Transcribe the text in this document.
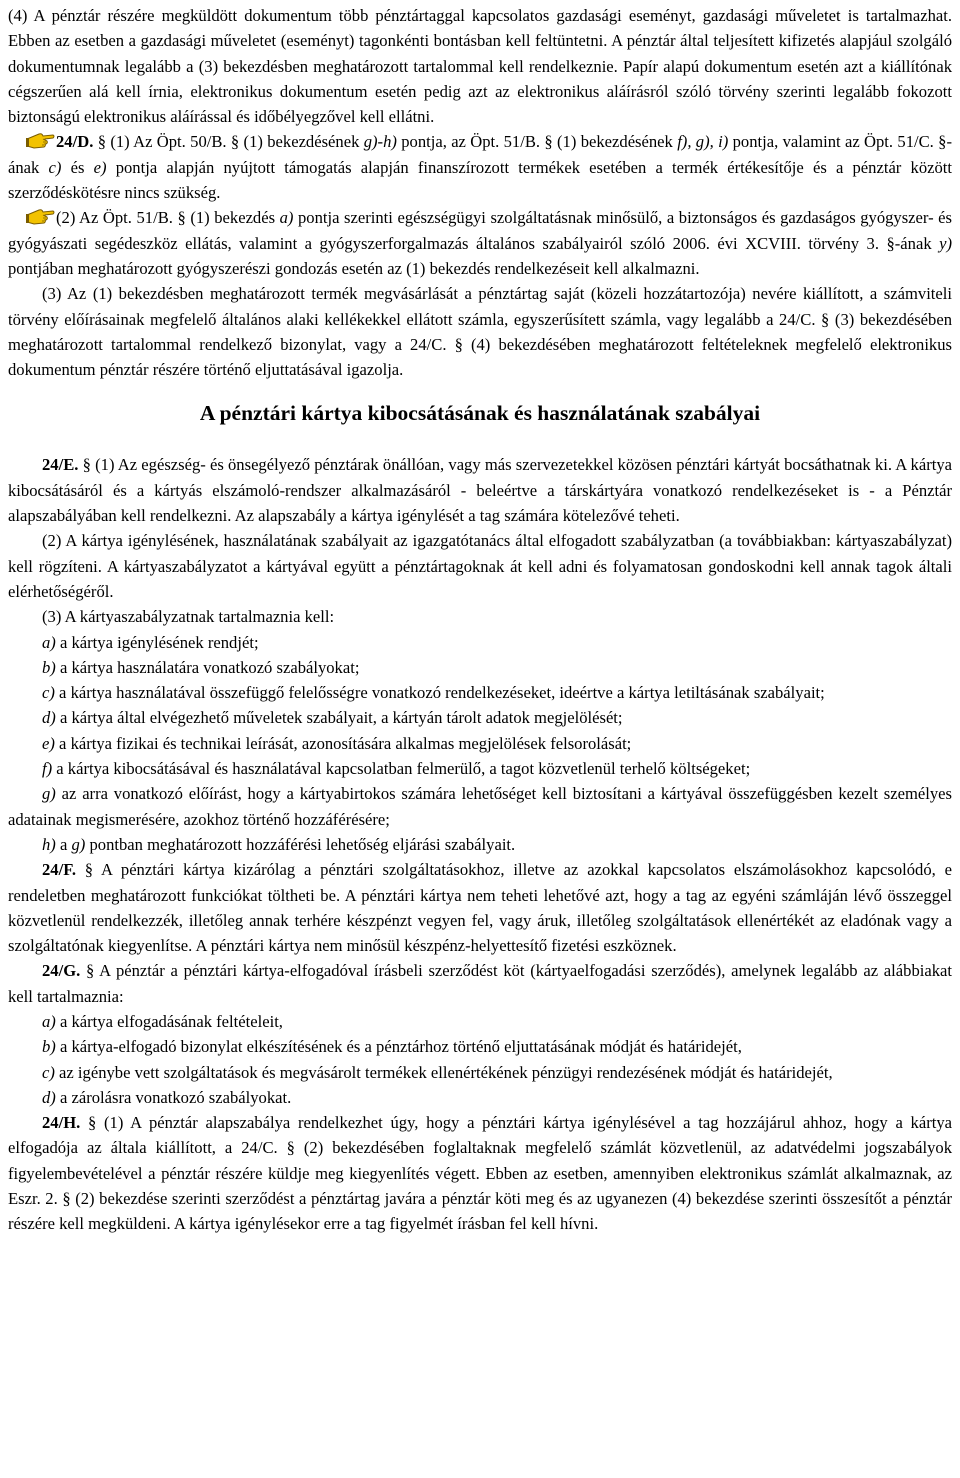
(4) A pénztár részére megküldött dokumentum több pénztártaggal kapcsolatos gazdasági eseményt, gazdasági műveletet is tartalmazhat. Ebben az esetben a gazdasági műveletet (eseményt) tagonkénti bontásban kell feltüntetni. A pénztár által teljesített kifizetés alapjául szolgáló dokumentumnak legalább a (3) bekezdésben meghatározott tartalommal kell rendelkeznie. Papír alapú dokumentum esetén azt a kiállítónak cégszerűen alá kell írnia, elektronikus dokumentum esetén pedig azt az elektronikus aláírásról szóló törvény szerinti legalább fokozott biztonságú elektronikus aláírással és időbélyegzővel kell ellátni.

24/D. § (1) Az Öpt. 50/B. § (1) bekezdésének g)-h) pontja, az Öpt. 51/B. § (1) bekezdésének f), g), i) pontja, valamint az Öpt. 51/C. §-ának c) és e) pontja alapján nyújtott támogatás alapján finanszírozott termékek esetében a termék értékesítője és a pénztár között szerződéskötésre nincs szükség.

(2) Az Öpt. 51/B. § (1) bekezdés a) pontja szerinti egészségügyi szolgáltatásnak minősülő, a biztonságos és gazdaságos gyógyszer- és gyógyászati segédeszköz ellátás, valamint a gyógyszerforgalmazás általános szabályairól szóló 2006. évi XCVIII. törvény 3. §-ának y) pontjában meghatározott gyógyszerészi gondozás esetén az (1) bekezdés rendelkezéseit kell alkalmazni.

(3) Az (1) bekezdésben meghatározott termék megvásárlását a pénztártag saját (közeli hozzátartozója) nevére kiállított, a számviteli törvény előírásainak megfelelő általános alaki kellékekkel ellátott számla, egyszerűsített számla, vagy legalább a 24/C. § (3) bekezdésében meghatározott tartalommal rendelkező bizonylat, vagy a 24/C. § (4) bekezdésében meghatározott feltételeknek megfelelő elektronikus dokumentum pénztár részére történő eljuttatásával igazolja.

A pénztári kártya kibocsátásának és használatának szabályai

24/E. § (1) Az egészség- és önsegélyező pénztárak önállóan, vagy más szervezetekkel közösen pénztári kártyát bocsáthatnak ki. A kártya kibocsátásáról és a kártyás elszámoló-rendszer alkalmazásáról - beleértve a társkártyára vonatkozó rendelkezéseket is - a Pénztár alapszabályában kell rendelkezni. Az alapszabály a kártya igénylését a tag számára kötelezővé teheti.

(2) A kártya igénylésének, használatának szabályait az igazgatótanács által elfogadott szabályzatban (a továbbiakban: kártyaszabályzat) kell rögzíteni. A kártyaszabályzatot a kártyával együtt a pénztártagoknak át kell adni és folyamatosan gondoskodni kell annak tagok általi elérhetőségéről.

(3) A kártyaszabályzatnak tartalmaznia kell:

a) a kártya igénylésének rendjét;

b) a kártya használatára vonatkozó szabályokat;

c) a kártya használatával összefüggő felelősségre vonatkozó rendelkezéseket, ideértve a kártya letiltásának szabályait;

d) a kártya által elvégezhető műveletek szabályait, a kártyán tárolt adatok megjelölését;

e) a kártya fizikai és technikai leírását, azonosítására alkalmas megjelölések felsorolását;

f) a kártya kibocsátásával és használatával kapcsolatban felmerülő, a tagot közvetlenül terhelő költségeket;

g) az arra vonatkozó előírást, hogy a kártyabirtokos számára lehetőséget kell biztosítani a kártyával összefüggésben kezelt személyes adatainak megismerésére, azokhoz történő hozzáférésére;

h) a g) pontban meghatározott hozzáférési lehetőség eljárási szabályait.

24/F. § A pénztári kártya kizárólag a pénztári szolgáltatásokhoz, illetve az azokkal kapcsolatos elszámolásokhoz kapcsolódó, e rendeletben meghatározott funkciókat töltheti be. A pénztári kártya nem teheti lehetővé azt, hogy a tag az egyéni számláján lévő összeggel közvetlenül rendelkezzék, illetőleg annak terhére készpénzt vegyen fel, vagy áruk, illetőleg szolgáltatások ellenértékét az eladónak vagy a szolgáltatónak kiegyenlítse. A pénztári kártya nem minősül készpénz-helyettesítő fizetési eszköznek.

24/G. § A pénztár a pénztári kártya-elfogadóval írásbeli szerződést köt (kártyaelfogadási szerződés), amelynek legalább az alábbiakat kell tartalmaznia:

a) a kártya elfogadásának feltételeit,

b) a kártya-elfogadó bizonylat elkészítésének és a pénztárhoz történő eljuttatásának módját és határidejét,

c) az igénybe vett szolgáltatások és megvásárolt termékek ellenértékének pénzügyi rendezésének módját és határidejét,

d) a zárolásra vonatkozó szabályokat.

24/H. § (1) A pénztár alapszabálya rendelkezhet úgy, hogy a pénztári kártya igénylésével a tag hozzájárul ahhoz, hogy a kártya elfogadója az általa kiállított, a 24/C. § (2) bekezdésében foglaltaknak megfelelő számlát közvetlenül, az adatvédelmi jogszabályok figyelembevételével a pénztár részére küldje meg kiegyenlítés végett. Ebben az esetben, amennyiben elektronikus számlát alkalmaznak, az Eszr. 2. § (2) bekezdése szerinti szerződést a pénztártag javára a pénztár köti meg és az ugyanezen (4) bekezdése szerinti összesítőt a pénztár részére kell megküldeni. A kártya igénylésekor erre a tag figyelmét írásban fel kell hívni.
